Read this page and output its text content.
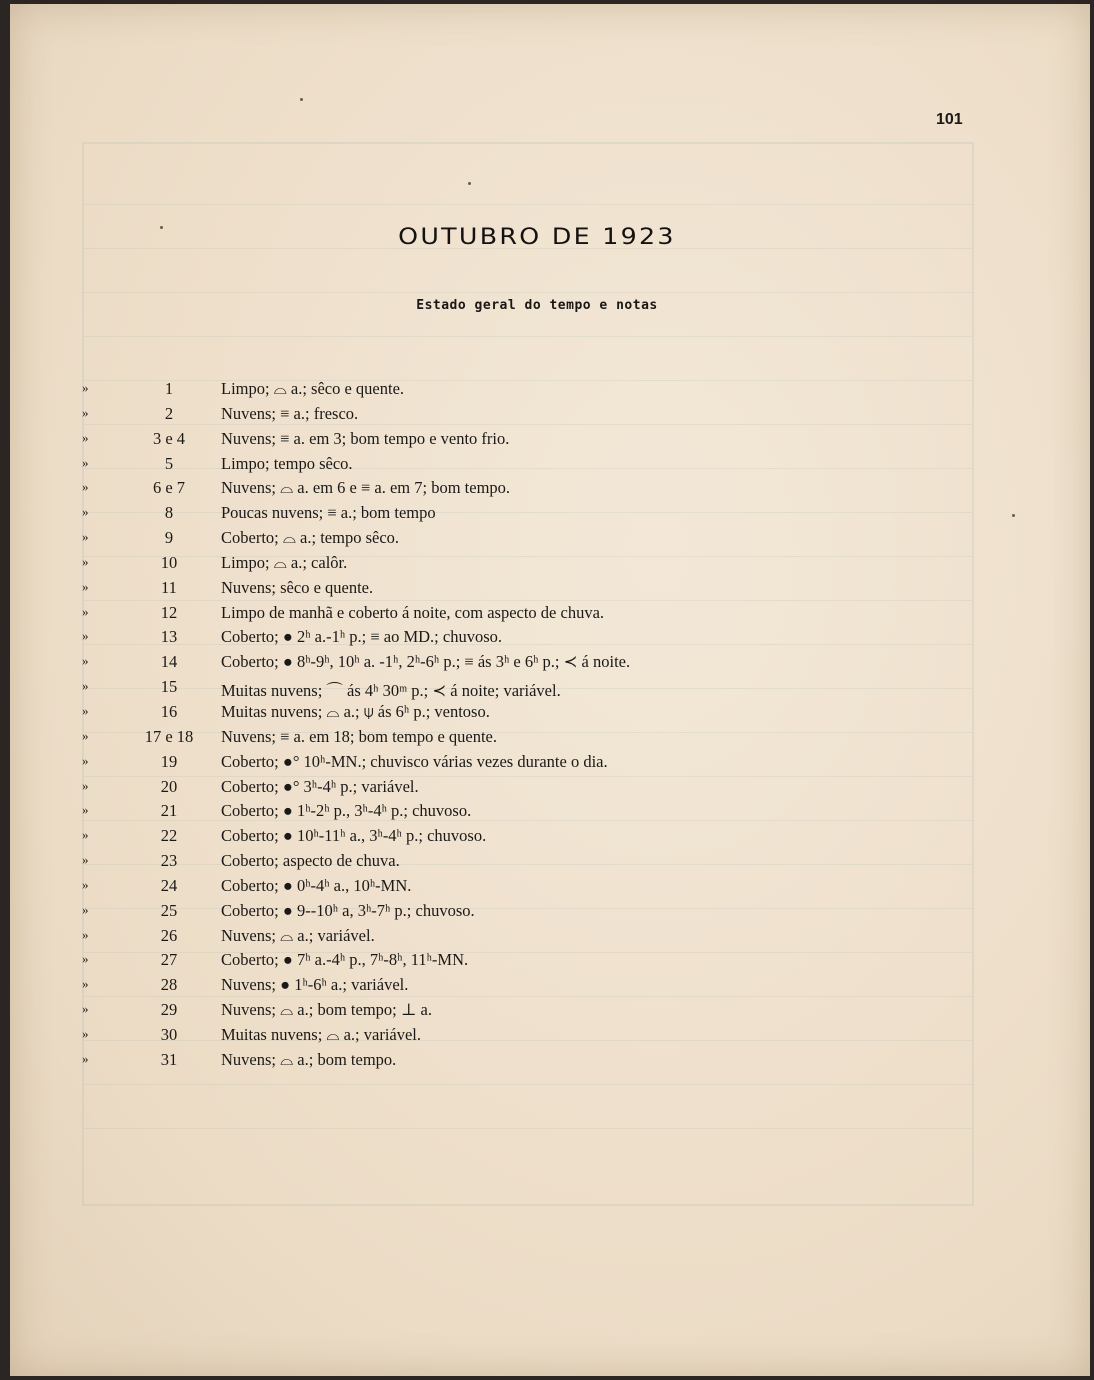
101
OUTUBRO DE 1923
Estado geral do tempo e notas
»	1	Limpo; ⌓ a.; sêco e quente.
»	2	Nuvens; ≡ a.; fresco.
»	3 e 4	Nuvens; ≡ a. em 3; bom tempo e vento frio.
»	5	Limpo; tempo sêco.
»	6 e 7	Nuvens; ⌓ a. em 6 e ≡ a. em 7; bom tempo.
»	8	Poucas nuvens; ≡ a.; bom tempo
»	9	Coberto; ⌓ a.; tempo sêco.
»	10	Limpo; ⌓ a.; calôr.
»	11	Nuvens; sêco e quente.
»	12	Limpo de manhã e coberto á noite, com aspecto de chuva.
»	13	Coberto; ● 2ʰ a.-1ʰ p.; ≡ ao MD.; chuvoso.
»	14	Coberto; ● 8ʰ-9ʰ, 10ʰ a. -1ʰ, 2ʰ-6ʰ p.; ≡ ás 3ʰ e 6ʰ p.; ≺ á noite.
»	15	Muitas nuvens; ⌒ ás 4ʰ 30ᵐ p.; ≺ á noite; variável.
»	16	Muitas nuvens; ⌓ a.; ⍦ ás 6ʰ p.; ventoso.
»	17 e 18	Nuvens; ≡ a. em 18; bom tempo e quente.
»	19	Coberto; ●° 10ʰ-MN.; chuvisco várias vezes durante o dia.
»	20	Coberto; ●° 3ʰ-4ʰ p.; variável.
»	21	Coberto; ● 1ʰ-2ʰ p., 3ʰ-4ʰ p.; chuvoso.
»	22	Coberto; ● 10ʰ-11ʰ a., 3ʰ-4ʰ p.; chuvoso.
»	23	Coberto; aspecto de chuva.
»	24	Coberto; ● 0ʰ-4ʰ a., 10ʰ-MN.
»	25	Coberto; ● 9--10ʰ a, 3ʰ-7ʰ p.; chuvoso.
»	26	Nuvens; ⌓ a.; variável.
»	27	Coberto; ● 7ʰ a.-4ʰ p., 7ʰ-8ʰ, 11ʰ-MN.
»	28	Nuvens; ● 1ʰ-6ʰ a.; variável.
»	29	Nuvens; ⌓ a.; bom tempo; ⊥ a.
»	30	Muitas nuvens; ⌓ a.; variável.
»	31	Nuvens; ⌓ a.; bom tempo.
